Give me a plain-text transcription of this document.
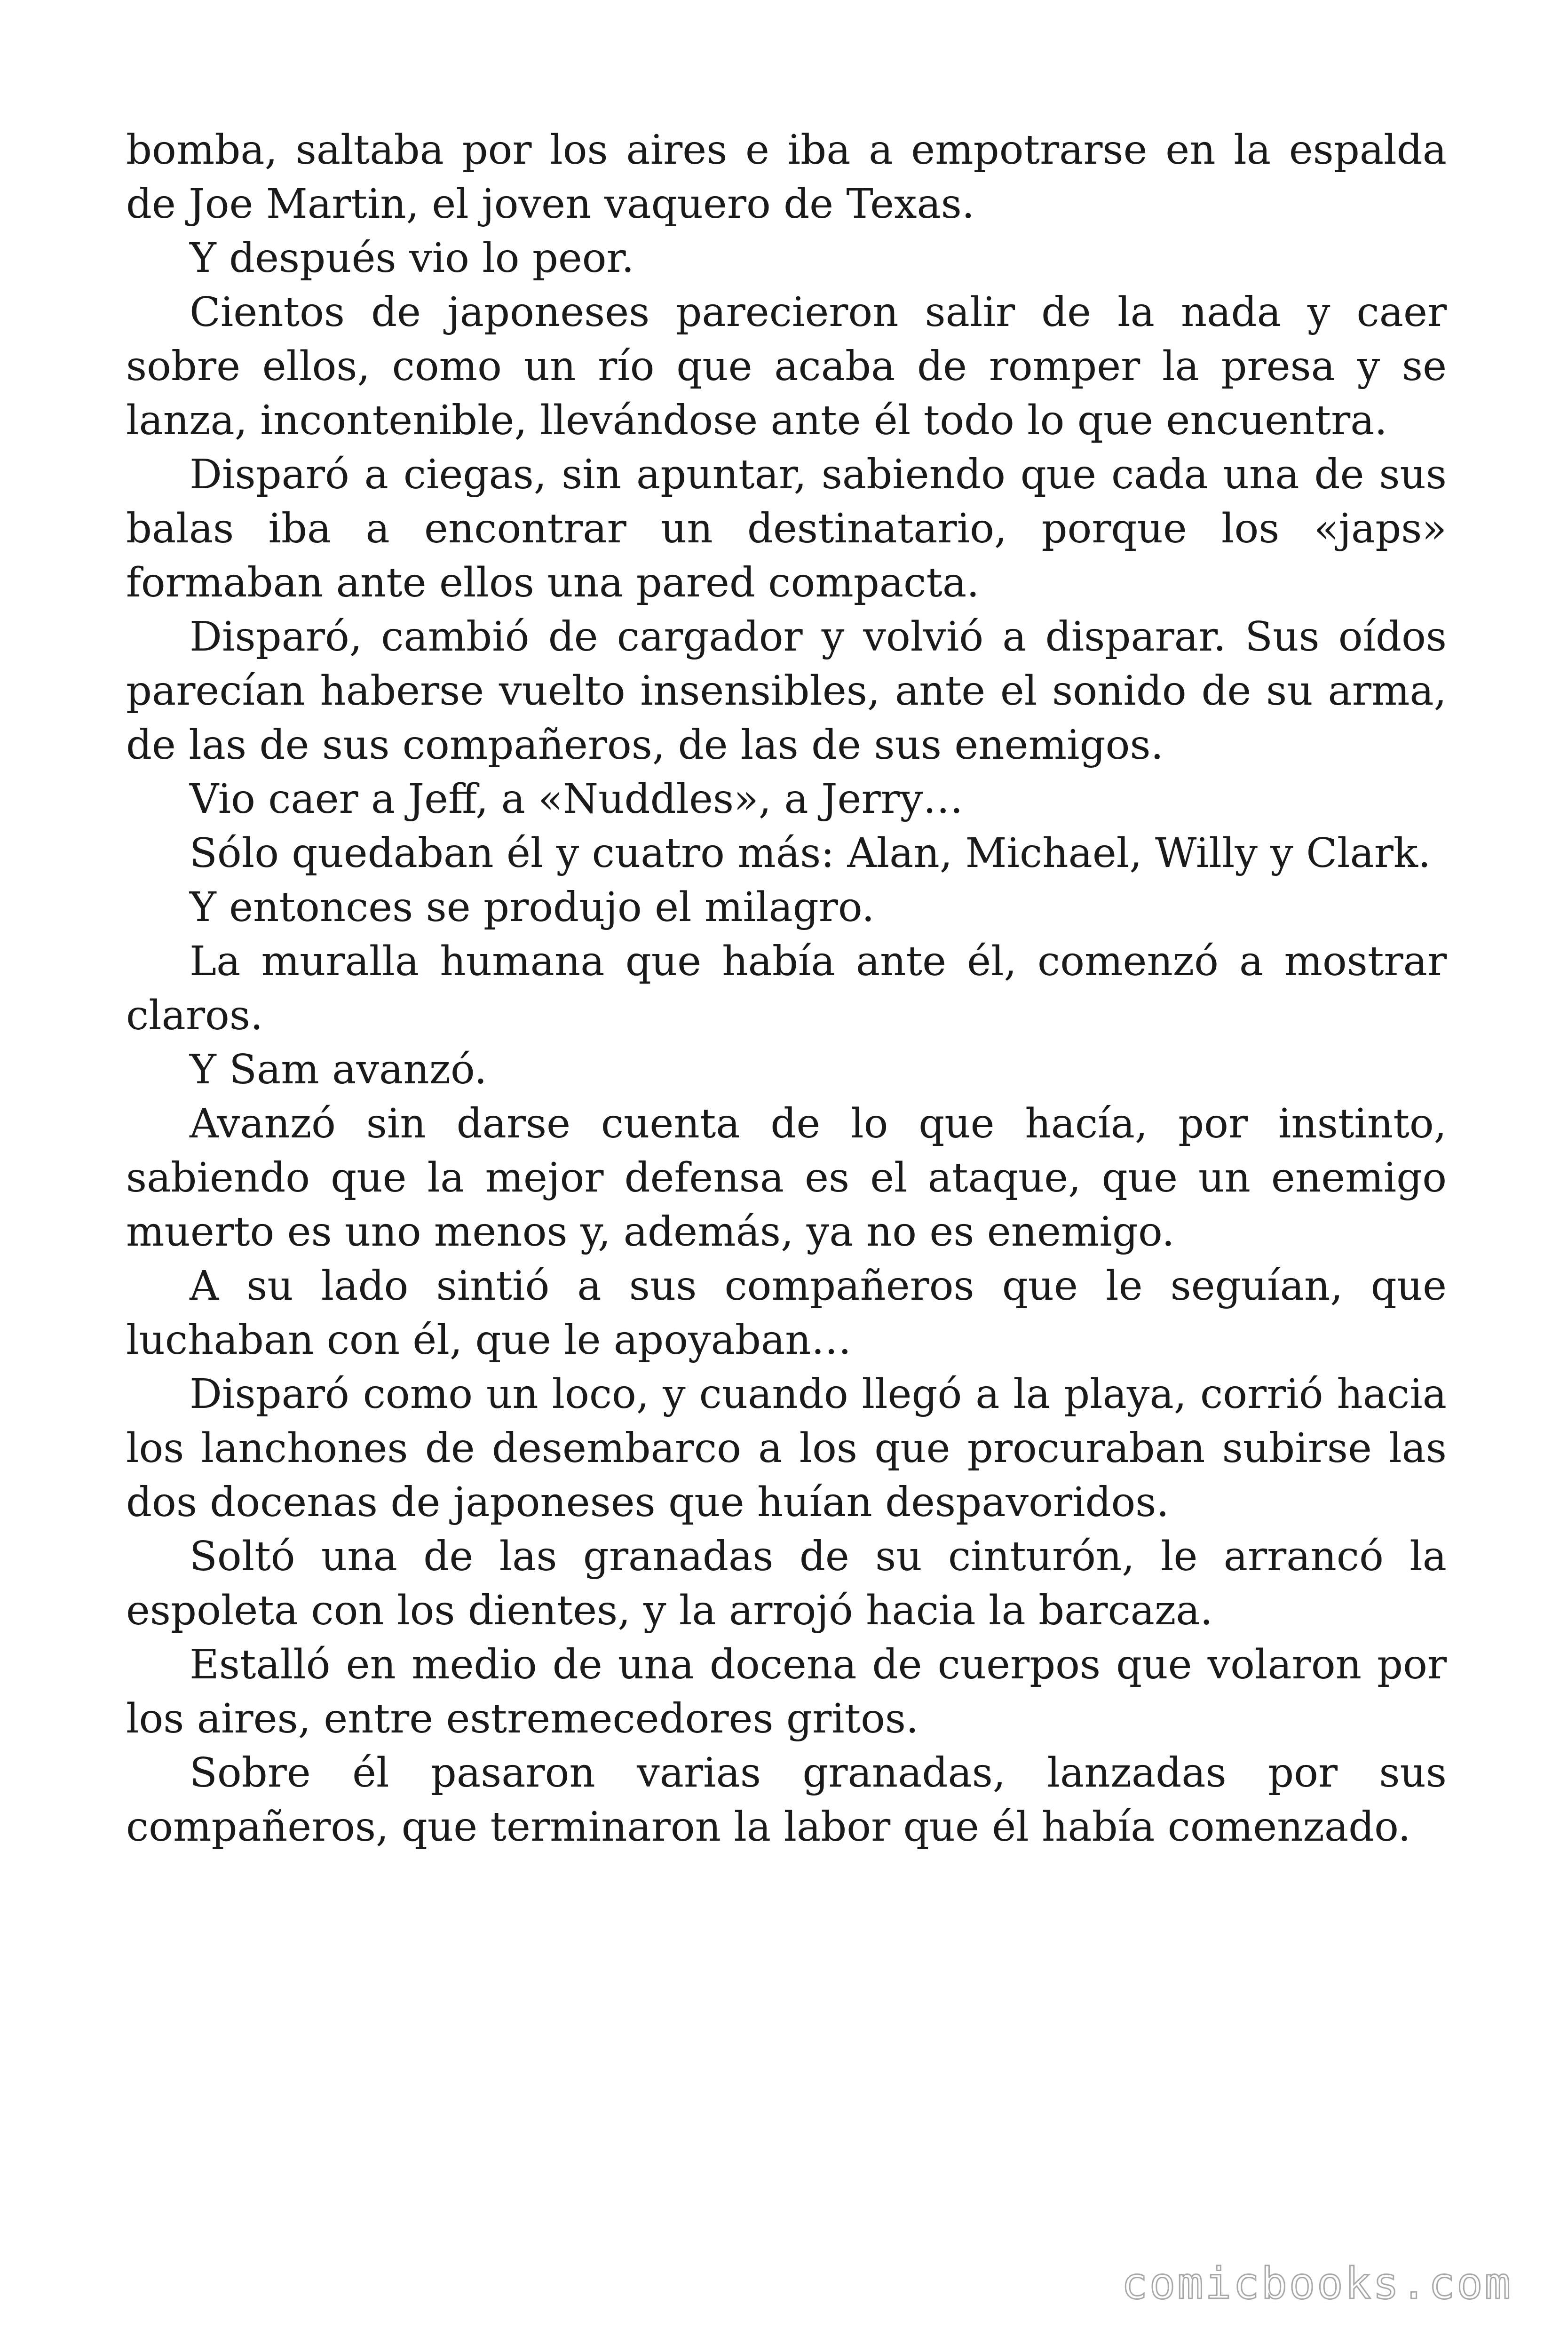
bomba, saltaba por los aires e iba a empotrarse en la espalda de Joe Martin, el joven vaquero de Texas.

Y después vio lo peor.

Cientos de japoneses parecieron salir de la nada y caer sobre ellos, como un río que acaba de romper la presa y se lanza, incontenible, llevándose ante él todo lo que encuentra.

Disparó a ciegas, sin apuntar, sabiendo que cada una de sus balas iba a encontrar un destinatario, porque los «japs» formaban ante ellos una pared compacta.

Disparó, cambió de cargador y volvió a disparar. Sus oídos parecían haberse vuelto insensibles, ante el sonido de su arma, de las de sus compañeros, de las de sus enemigos.

Vio caer a Jeff, a «Nuddles», a Jerry…

Sólo quedaban él y cuatro más: Alan, Michael, Willy y Clark.

Y entonces se produjo el milagro.

La muralla humana que había ante él, comenzó a mostrar claros.

Y Sam avanzó.

Avanzó sin darse cuenta de lo que hacía, por instinto, sabiendo que la mejor defensa es el ataque, que un enemigo muerto es uno menos y, además, ya no es enemigo.

A su lado sintió a sus compañeros que le seguían, que luchaban con él, que le apoyaban…

Disparó como un loco, y cuando llegó a la playa, corrió hacia los lanchones de desembarco a los que procuraban subirse las dos docenas de japoneses que huían despavoridos.

Soltó una de las granadas de su cinturón, le arrancó la espoleta con los dientes, y la arrojó hacia la barcaza.

Estalló en medio de una docena de cuerpos que volaron por los aires, entre estremecedores gritos.

Sobre él pasaron varias granadas, lanzadas por sus compañeros, que terminaron la labor que él había comenzado.

comicbooks.com
